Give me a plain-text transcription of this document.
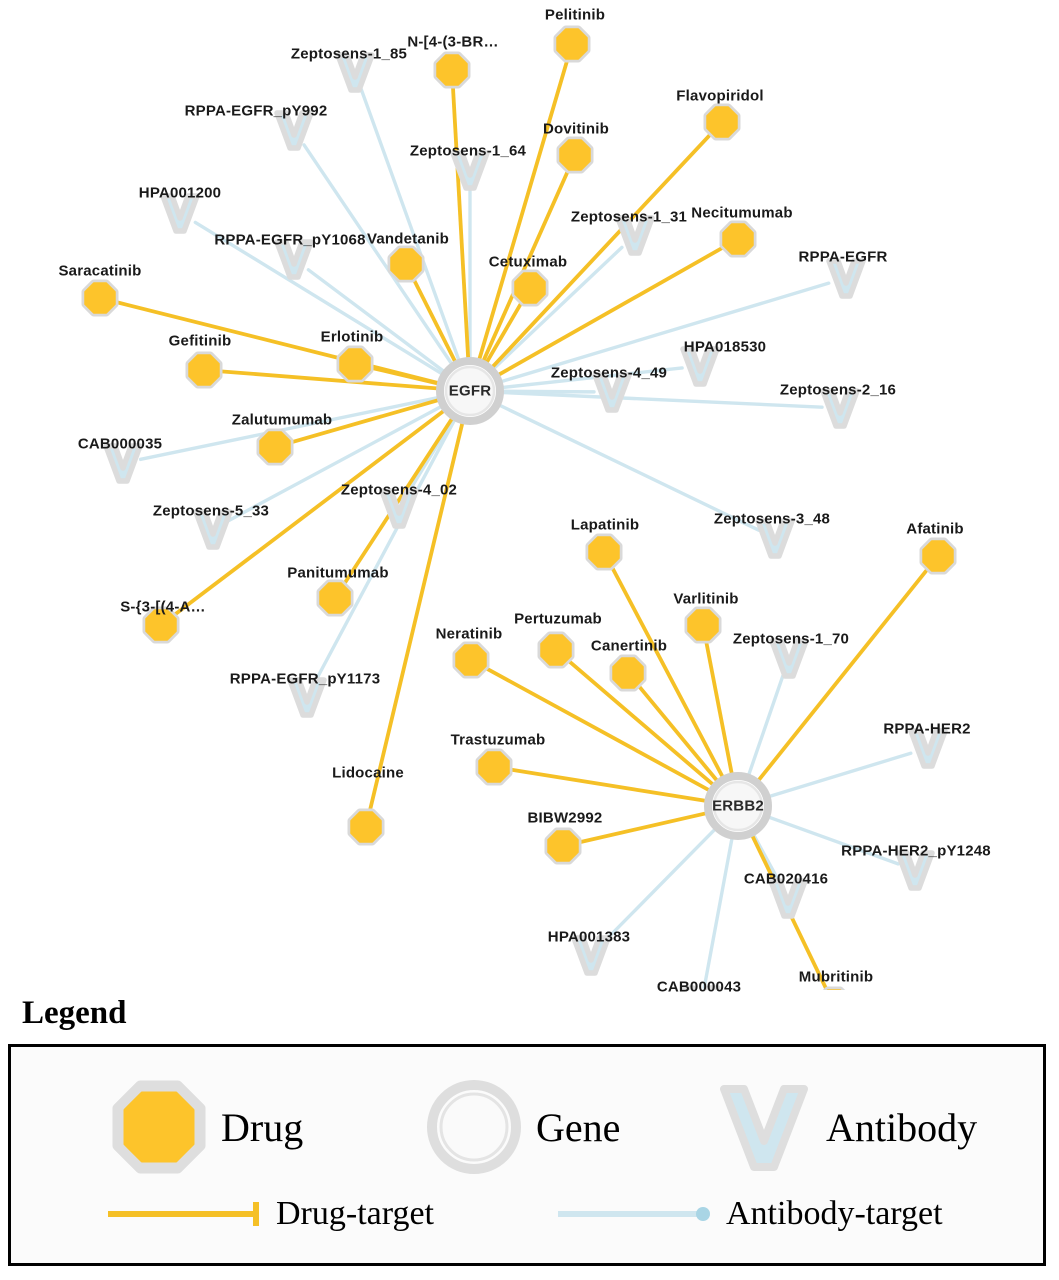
Zeptosens-1_85
RPPA-EGFR_pY992
Zeptosens-1_64
HPA001200
Zeptosens-1_31
RPPA-EGFR_pY1068
RPPA-EGFR
HPA018530
Zeptosens-4_49
Zeptosens-2_16
CAB000035
Zeptosens-4_02
Zeptosens-5_33	Zeptosens-3_48
RPPA-EGFR_pY1173
Zeptosens-1_70
RPPA-HER2
RPPA-HER2_pY1248
CAB020416
HPA001383
CAB000043
Pelitinib
N-[4-(3-BR…
Flavopiridol
Dovitinib
Necitumumab
Vandetanib
Cetuximab
Saracatinib
Gefitinib	Erlotinib
Zalutumumab
Panitumumab
S-{3-[(4-A…
Lidocaine
Lapatinib	Afatinib
Varlitinib
Pertuzumab
Neratinib
Canertinib
Trastuzumab
BIBW2992
Mubritinib
EGFR
ERBB2
Legend
Drug	Gene	Antibody
Drug-target	Antibody-target
